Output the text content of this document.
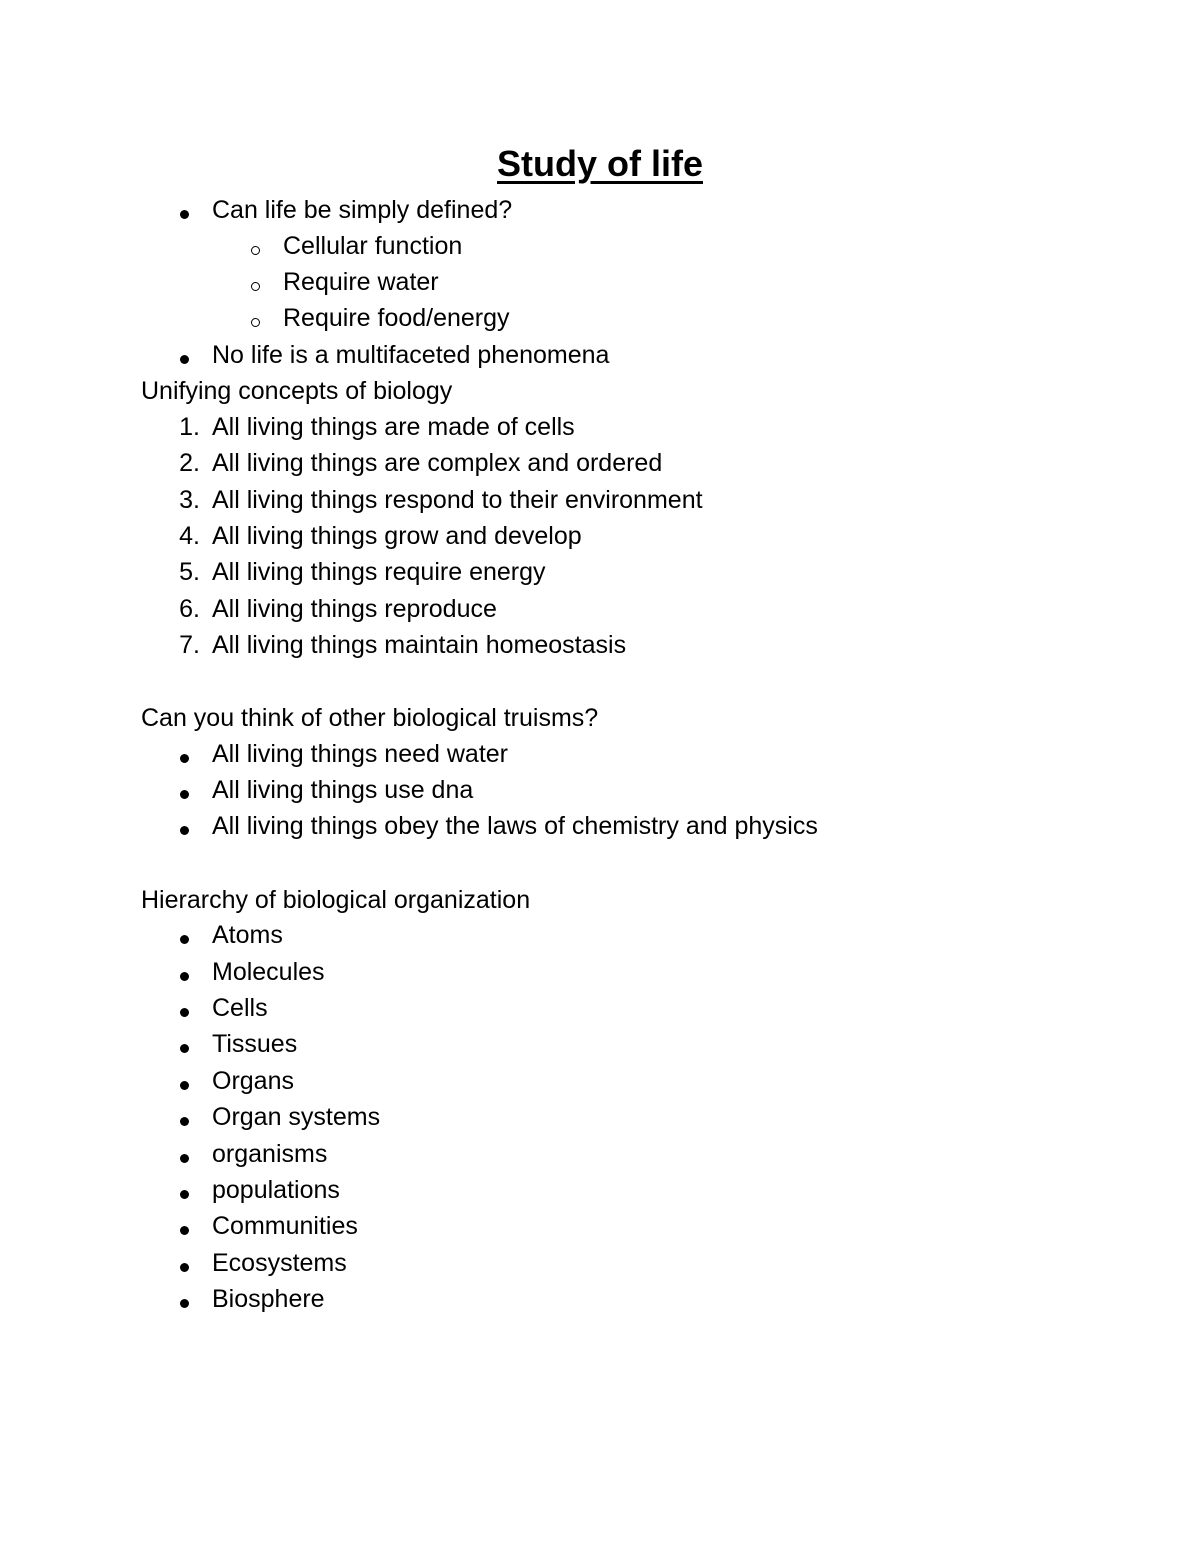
Study of life
Can life be simply defined?
Cellular function
Require water
Require food/energy
No life is a multifaceted phenomena
Unifying concepts of biology
1. All living things are made of cells
2. All living things are complex and ordered
3. All living things respond to their environment
4. All living things grow and develop
5. All living things require energy
6. All living things reproduce
7. All living things maintain homeostasis
Can you think of other biological truisms?
All living things need water
All living things use dna
All living things obey the laws of chemistry and physics
Hierarchy of biological organization
Atoms
Molecules
Cells
Tissues
Organs
Organ systems
organisms
populations
Communities
Ecosystems
Biosphere
